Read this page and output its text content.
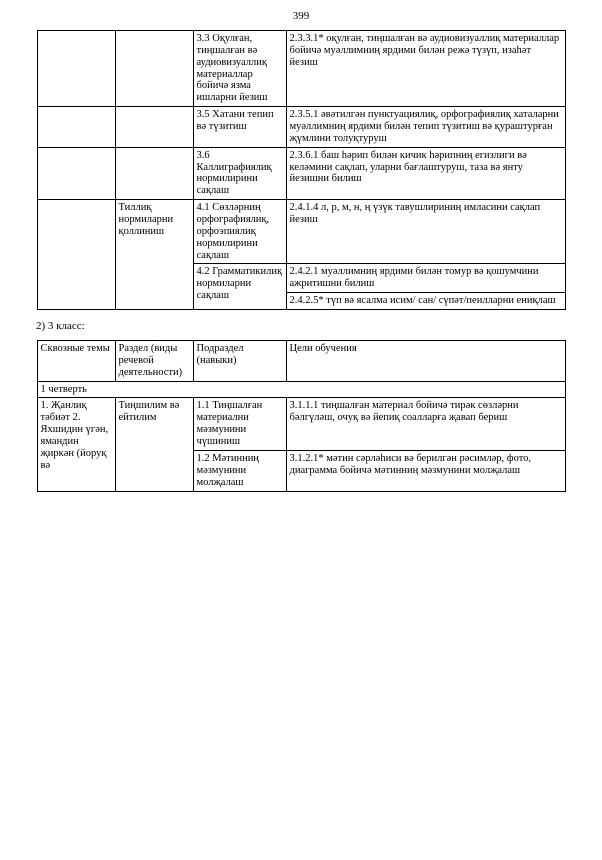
399
		3.3 Оқулған, тиңшалған вә аудиовизуаллиқ материаллар бойичә язма ишларни йезиш	2.3.3.1* оқулған, тиңшалған вә аудиовизуаллиқ материаллар бойичә муәллимниң ярдими билән режә түзүп, изаһәт йезиш
		3.5 Хатани тепип вә түзитиш	2.3.5.1 әвәтилгән пунктуациялиқ, орфографиялиқ хаталарни муәллимниң ярдими билән тепип түзитиш вә қураштурған җүмлини толуқтуруш
		3.6 Каллиграфиялиқ нормилирини сақлаш	2.3.6.1 баш һәрип билән кичик һәрипниң егизлиги вә келәмини сақлап, уларни бағлаштуруш, таза вә янту йезишни билиш
	Тиллиқ нормиларни қоллиниш	4.1 Сөзләрниң орфографиялиқ, орфоэпиялиқ нормилирини сақлаш	2.4.1.4 л, р, м, н, ң үзүк тавушлириниң имласини сақлап йезиш
		4.2 Грамматикилиқ нормиларни сақлаш	2.4.2.1 муәллимниң ярдими билән томур вә қошумчини ажритишни билиш
			2.4.2.5* түп вә ясалма исим/ сан/ сүпәт/пеилларни ениқлаш
2) 3 класс:
Сквозные темы	Раздел (виды речевой деятельности)	Подраздел (навыки)	Цели обучения
1 четверть			
1. Җанлиқ тәбиәт 2. Яхшидин үгән, ямандин җиркән (йоруқ вә	Тиңшилим вә ейтилим	1.1 Тиңшалған материални мәзмунини чүшиниш	3.1.1.1 тиңшалған материал бойичә тирәк сөзләрни бәлгүләш, очуқ вә йепиқ соалларға җавап бериш
		1.2 Мәтинниң мәзмунини молҗалаш	3.1.2.1* мәтин сәрләһиси вә берилгән рәсимләр, фото, диаграмма бойичә мәтинниң мәзмунини молҗалаш
